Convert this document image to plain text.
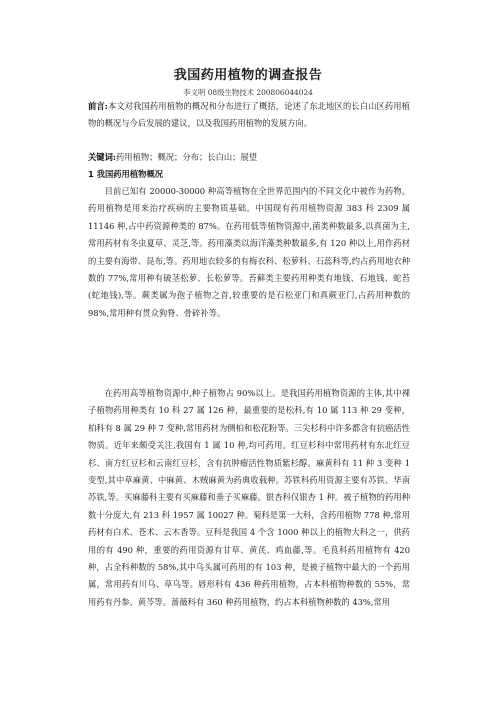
我国药用植物的调查报告
李义明 08级生物技术 200806044024
前言:本文对我国药用植物的概况和分布进行了概括，论述了东北地区的长白山区药用植物的概况与今后发展的建议，以及我国药用植物的发展方向。
关键词:药用植物；概况；分布；长白山；展望
1 我国药用植物概况
目前已知有 20000-30000 种高等植物在全世界范围内的不同文化中被作为药物。药用植物是用来治疗疾病的主要物质基础。中国现有药用植物资源 383 科 2309 属 11146 种,占中药资源种类的 87%。在药用低等植物资源中,菌类种数最多,以真菌为主,常用药材有冬虫夏草、灵芝,等。药用藻类以海洋藻类种数最多,有 120 种以上,用作药材的主要有海带、昆布,等。药用地衣较多的有梅衣科、松萝科、石蕊科等,约占药用地衣种数的 77%,常用种有破茎松萝、长松萝等。苔藓类主要药用种类有地钱、石地钱、蛇苔(蛇地钱),等。蕨类属为孢子植物之首,较重要的是石松亚门和真蕨亚门,占药用种数的 98%,常用种有贯众狗脊、骨碎补等。
在药用高等植物资源中,种子植物占 90%以上。是我国药用植物资源的主体,其中裸子植物药用种类有 10 科 27 属 126 种，最重要的是松科,有 10 属 113 种 29 变种，柏科有 8 属 29 种 7 变种,常用药材为侧柏和松花粉等。三尖杉科中许多都含有抗癌活性物质。近年来颇受关注,我国有 1 属 10 种,均可药用。红豆杉科中常用药材有东北红豆杉、南方红豆杉和云南红豆杉，含有抗肿瘤活性物质紫杉醇。麻黄科有 11 种 3 变种 1 变型,其中草麻黄、中麻黄、木贼麻黄为药典收载种。苏铁科药用资源主要有苏铁、华南苏铁,等。买麻藤科主要有买麻藤和垂子买麻藤。银杏科仅银杏 1 种。被子植物的药用种数十分庞大,有 213 科 1957 属 10027 种。菊科是第一大科，含药用植物 778 种,常用药材有白术、苍术、云木香等。豆科是我国 4 个含 1000 种以上的植物大科之一，供药用的有 490 种，重要的药用资源有甘草、黄芪、鸡血藤,等。毛茛科药用植物有 420 种，占全科种数的 58%,其中乌头属可药用的有 103 种，是被子植物中最大的一个药用属，常用药有川乌、草乌等。唇形科有 436 种药用植物，占本科植物种数的 55%，常用药有丹参、黄芩等。蔷薇科有 360 种药用植物，约占本科植物种数的 43%,常用
